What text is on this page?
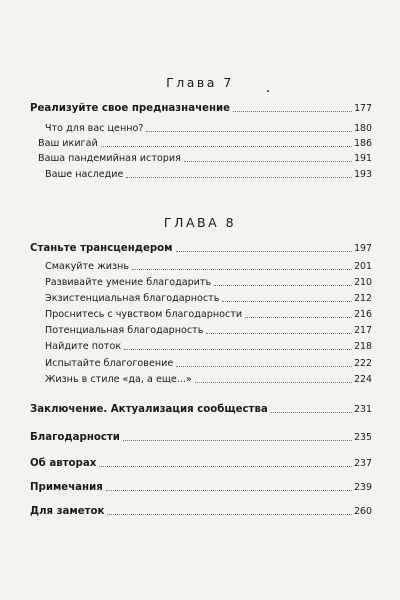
Глава 7
Реализуйте свое предназначение	177
Что для вас ценно?	180
Ваш икигай	186
Ваша пандемийная история	191
Ваше наследие	193
ГЛАВА 8
Станьте трансцендером	197
Смакуйте жизнь	201
Развивайте умение благодарить	210
Экзистенциальная благодарность	212
Проснитесь с чувством благодарности	216
Потенциальная благодарность	217
Найдите поток	218
Испытайте благоговение	222
Жизнь в стиле «да, а еще...»	224
Заключение. Актуализация сообщества	231
Благодарности	235
Об авторах	237
Примечания	239
Для заметок	260
